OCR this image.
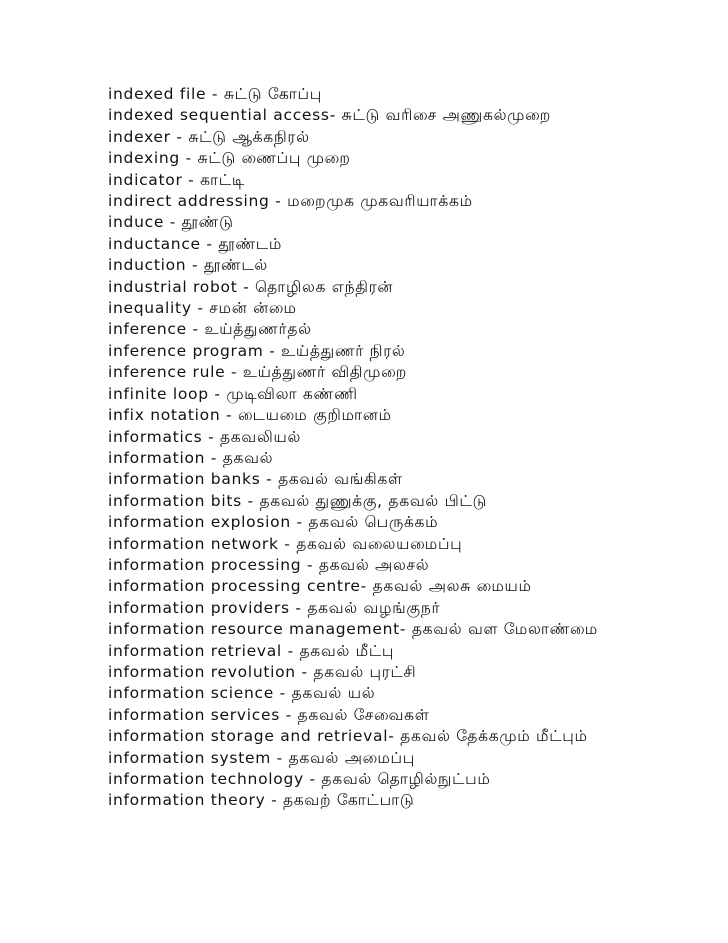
indexed file - சுட்டு கோப்பு
indexed sequential access- சுட்டு வரிசை அணுகல்முறை
indexer - சுட்டு ஆக்கநிரல்
indexing - சுட்டு ணைப்பு முறை
indicator - காட்டி
indirect addressing - மறைமுக முகவரியாக்கம்
induce - தூண்டு
inductance - தூண்டம்
induction - தூண்டல்
industrial robot - தொழிலக எந்திரன்
inequality - சமன் ன்மை
inference - உய்த்துணர்தல்
inference program - உய்த்துணர் நிரல்
inference rule - உய்த்துணர் விதிமுறை
infinite loop - முடிவிலா கண்ணி
infix notation - டையமை குறிமானம்
informatics - தகவலியல்
information - தகவல்
information banks - தகவல் வங்கிகள்
information bits - தகவல் துணுக்கு, தகவல் பிட்டு
information explosion - தகவல் பெருக்கம்
information network - தகவல் வலையமைப்பு
information processing - தகவல் அலசல்
information processing centre- தகவல் அலசு மையம்
information providers - தகவல் வழங்குநர்
information resource management- தகவல் வள மேலாண்மை
information retrieval - தகவல் மீட்பு
information revolution - தகவல் புரட்சி
information science - தகவல் யல்
information services - தகவல் சேவைகள்
information storage and retrieval- தகவல் தேக்கமும் மீட்பும்
information system - தகவல் அமைப்பு
information technology - தகவல் தொழில்நுட்பம்
information theory - தகவற் கோட்பாடு
